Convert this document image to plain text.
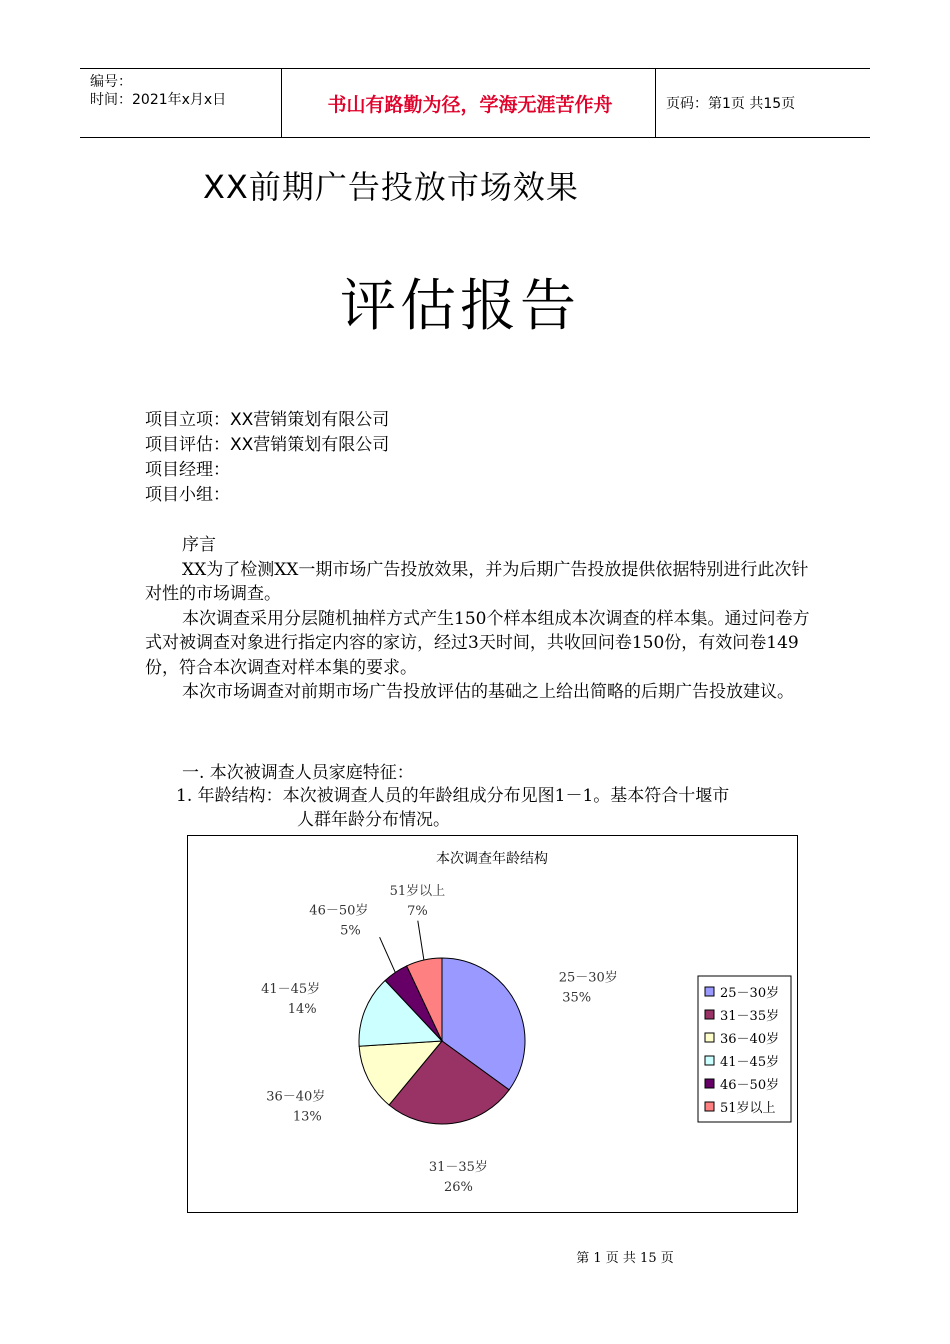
编号：
时间：2021年x月x日	书山有路勤为径，学海无涯苦作舟	页码：第1页 共15页
XX前期广告投放市场效果
评估报告
项目立项：XX营销策划有限公司
项目评估：XX营销策划有限公司
项目经理：
项目小组：

序言

XX为了检测XX一期市场广告投放效果，并为后期广告投放提供依据特别进行此次针对性的市场调查。

本次调查采用分层随机抽样方式产生150个样本组成本次调查的样本集。通过问卷方式对被调查对象进行指定内容的家访，经过3天时间，共收回问卷150份，有效问卷149份，符合本次调查对样本集的要求。

本次市场调查对前期市场广告投放评估的基础之上给出简略的后期广告投放建议。

一. 本次被调查人员家庭特征：
1. 年龄结构：本次被调查人员的年龄组成分布见图1－1。基本符合十堰市
人群年龄分布情况。
本次调查年龄结构
25－30岁
35%
31－35岁
26%
36－40岁
13%
41－45岁
14%
46－50岁
5%
51岁以上
7%
25－30岁
31－35岁
36－40岁
41－45岁
46－50岁
51岁以上
第 1 页 共 15 页
